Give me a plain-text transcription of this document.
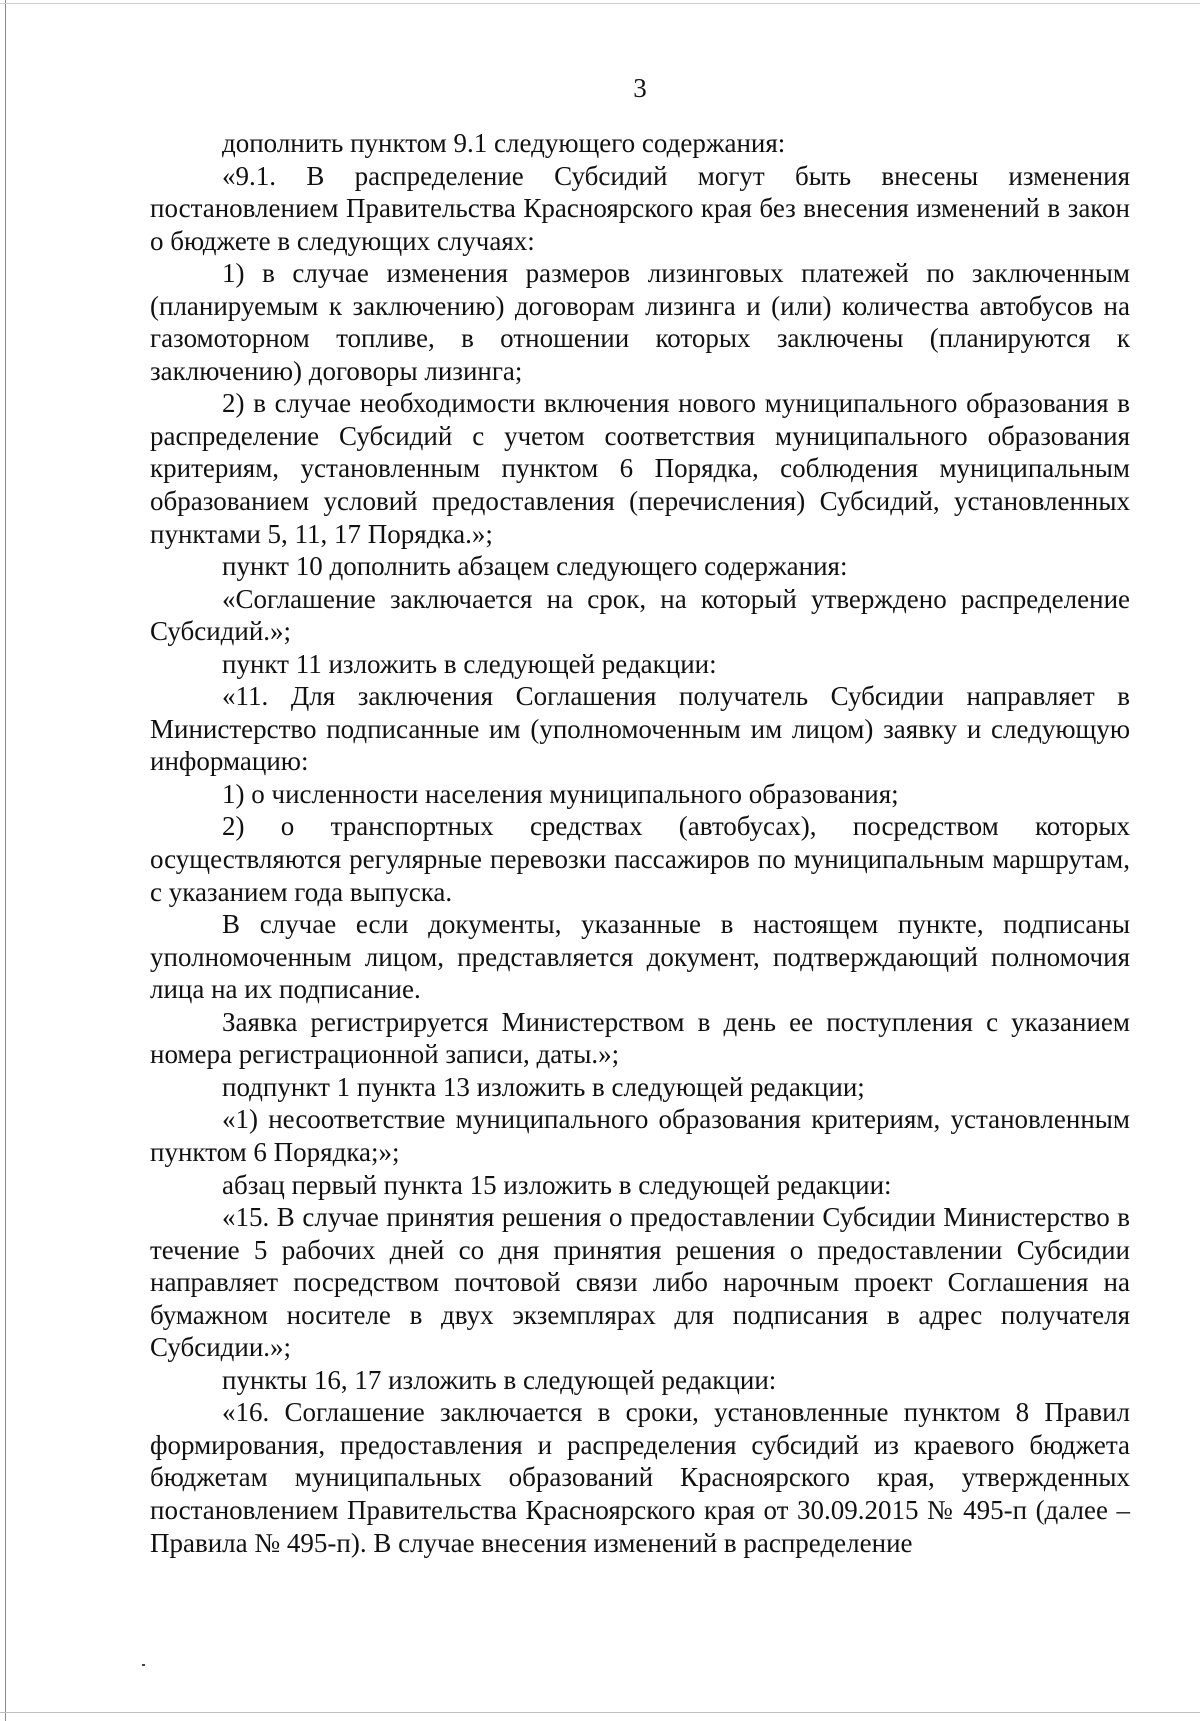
3

дополнить пунктом 9.1 следующего содержания:

«9.1. В распределение Субсидий могут быть внесены изменения постановлением Правительства Красноярского края без внесения изменений в закон о бюджете в следующих случаях:

1) в случае изменения размеров лизинговых платежей по заключенным (планируемым к заключению) договорам лизинга и (или) количества автобусов на газомоторном топливе, в отношении которых заключены (планируются к заключению) договоры лизинга;

2) в случае необходимости включения нового муниципального образования в распределение Субсидий с учетом соответствия муниципального образования критериям, установленным пунктом 6 Порядка, соблюдения муниципальным образованием условий предоставления (перечисления) Субсидий, установленных пунктами 5, 11, 17 Порядка.»;

пункт 10 дополнить абзацем следующего содержания:

«Соглашение заключается на срок, на который утверждено распределение Субсидий.»;

пункт 11 изложить в следующей редакции:

«11. Для заключения Соглашения получатель Субсидии направляет в Министерство подписанные им (уполномоченным им лицом) заявку и следующую информацию:

1) о численности населения муниципального образования;

2) о транспортных средствах (автобусах), посредством которых осуществляются регулярные перевозки пассажиров по муниципальным маршрутам, с указанием года выпуска.

В случае если документы, указанные в настоящем пункте, подписаны уполномоченным лицом, представляется документ, подтверждающий полномочия лица на их подписание.

Заявка регистрируется Министерством в день ее поступления с указанием номера регистрационной записи, даты.»;

подпункт 1 пункта 13 изложить в следующей редакции;

«1) несоответствие муниципального образования критериям, установленным пунктом 6 Порядка;»;

абзац первый пункта 15 изложить в следующей редакции:

«15. В случае принятия решения о предоставлении Субсидии Министерство в течение 5 рабочих дней со дня принятия решения о предоставлении Субсидии направляет посредством почтовой связи либо нарочным проект Соглашения на бумажном носителе в двух экземплярах для подписания в адрес получателя Субсидии.»;

пункты 16, 17 изложить в следующей редакции:

«16. Соглашение заключается в сроки, установленные пунктом 8 Правил формирования, предоставления и распределения субсидий из краевого бюджета бюджетам муниципальных образований Красноярского края, утвержденных постановлением Правительства Красноярского края от 30.09.2015 № 495-п (далее – Правила № 495-п). В случае внесения изменений в распределение
